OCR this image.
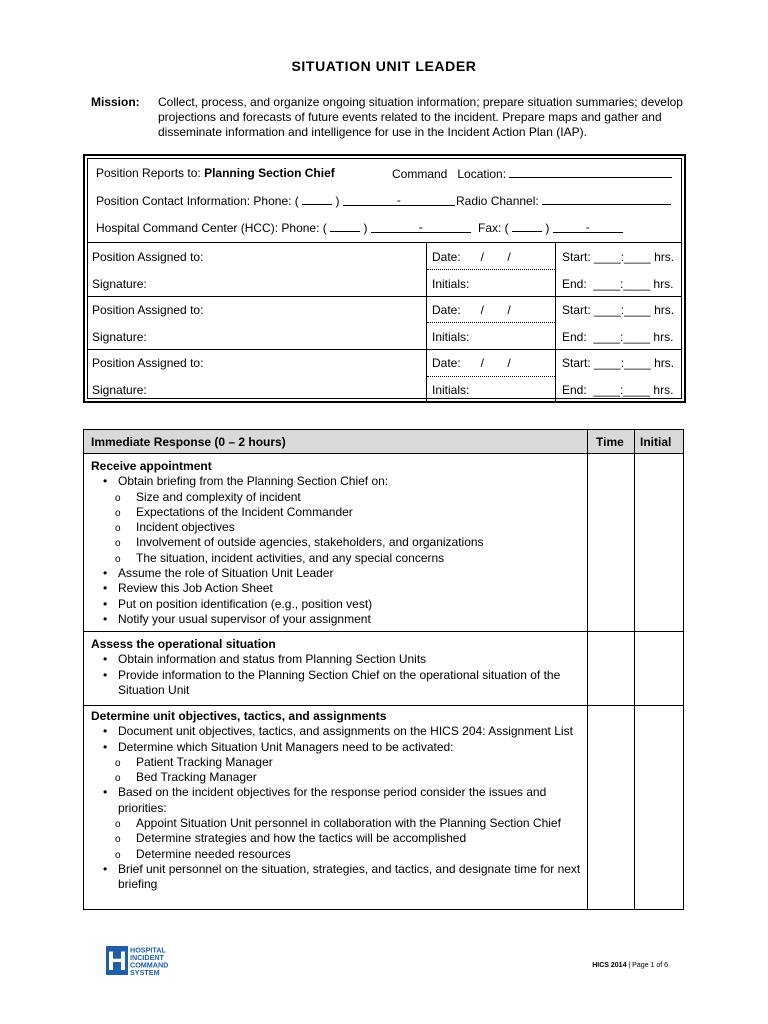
SITUATION UNIT LEADER
Mission: Collect, process, and organize ongoing situation information; prepare situation summaries; develop projections and forecasts of future events related to the incident. Prepare maps and gather and disseminate information and intelligence for use in the Incident Action Plan (IAP).
Position Reports to: Planning Section Chief	Command   Location:
Position Contact Information: Phone: (	)	-	Radio Channel:
Hospital Command Center (HCC): Phone: (	)	-	Fax: (	)	-
Position Assigned to:	Date:      /       /	Start: ____:____ hrs.
Signature:	Initials:	End:  ____:____ hrs.
Position Assigned to:	Date:      /       /	Start: ____:____ hrs.
Signature:	Initials:	End:  ____:____ hrs.
Position Assigned to:	Date:      /       /	Start: ____:____ hrs.
Signature:	Initials:	End:  ____:____ hrs.
Immediate Response (0 – 2 hours)	Time Initial
Receive appointment
• Obtain briefing from the Planning Section Chief on:
o Size and complexity of incident
o Expectations of the Incident Commander
o Incident objectives
o Involvement of outside agencies, stakeholders, and organizations
o The situation, incident activities, and any special concerns
• Assume the role of Situation Unit Leader
• Review this Job Action Sheet
• Put on position identification (e.g., position vest)
• Notify your usual supervisor of your assignment
Assess the operational situation
• Obtain information and status from Planning Section Units
• Provide information to the Planning Section Chief on the operational situation of the Situation Unit
Determine unit objectives, tactics, and assignments
• Document unit objectives, tactics, and assignments on the HICS 204: Assignment List
• Determine which Situation Unit Managers need to be activated:
o Patient Tracking Manager
o Bed Tracking Manager
• Based on the incident objectives for the response period consider the issues and priorities:
o Appoint Situation Unit personnel in collaboration with the Planning Section Chief
o Determine strategies and how the tactics will be accomplished
o Determine needed resources
• Brief unit personnel on the situation, strategies, and tactics, and designate time for next briefing
H HOSPITAL
INCIDENT
COMMAND
SYSTEM
HICS 2014 | Page 1 of 6
